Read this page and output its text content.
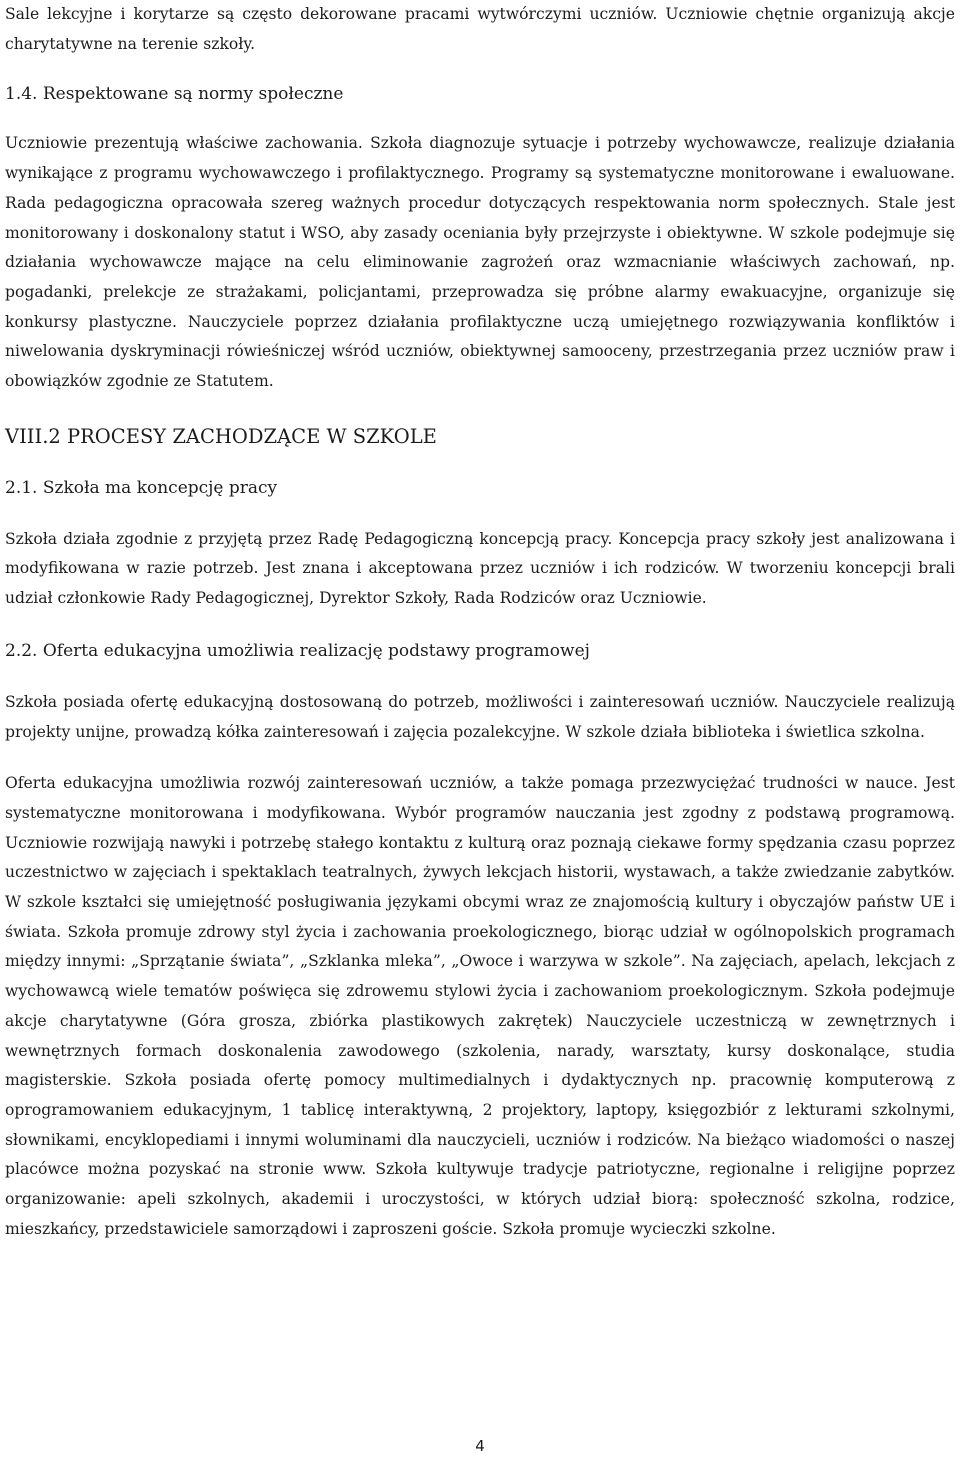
Sale lekcyjne i korytarze są często dekorowane pracami wytwórczymi uczniów. Uczniowie chętnie organizują akcje charytatywne na terenie szkoły.

1.4. Respektowane są normy społeczne

Uczniowie prezentują właściwe zachowania. Szkoła diagnozuje sytuacje i potrzeby wychowawcze, realizuje działania wynikające z programu wychowawczego i profilaktycznego. Programy są systematyczne monitorowane i ewaluowane. Rada pedagogiczna opracowała szereg ważnych procedur dotyczących respektowania norm społecznych. Stale jest monitorowany i doskonalony statut i WSO, aby zasady oceniania były przejrzyste i obiektywne. W szkole podejmuje się działania wychowawcze mające na celu eliminowanie zagrożeń oraz wzmacnianie właściwych zachowań, np. pogadanki, prelekcje ze strażakami, policjantami, przeprowadza się próbne alarmy ewakuacyjne, organizuje się konkursy plastyczne. Nauczyciele poprzez działania profilaktyczne uczą umiejętnego rozwiązywania konfliktów i niwelowania dyskryminacji rówieśniczej wśród uczniów, obiektywnej samooceny, przestrzegania przez uczniów praw i obowiązków zgodnie ze Statutem.

VIII.2 PROCESY ZACHODZĄCE W SZKOLE
2.1. Szkoła ma koncepcję pracy

Szkoła działa zgodnie z przyjętą przez Radę Pedagogiczną koncepcją pracy. Koncepcja pracy szkoły jest analizowana i modyfikowana w razie potrzeb. Jest znana i akceptowana przez uczniów i ich rodziców. W tworzeniu koncepcji brali udział członkowie Rady Pedagogicznej, Dyrektor Szkoły, Rada Rodziców oraz Uczniowie.

2.2. Oferta edukacyjna umożliwia realizację podstawy programowej

Szkoła posiada ofertę edukacyjną dostosowaną do potrzeb, możliwości i zainteresowań uczniów. Nauczyciele realizują projekty unijne, prowadzą kółka zainteresowań i zajęcia pozalekcyjne. W szkole działa biblioteka i świetlica szkolna.

Oferta edukacyjna umożliwia rozwój zainteresowań uczniów, a także pomaga przezwyciężać trudności w nauce. Jest systematyczne monitorowana i modyfikowana. Wybór programów nauczania jest zgodny z podstawą programową. Uczniowie rozwijają nawyki i potrzebę stałego kontaktu z kulturą oraz poznają ciekawe formy spędzania czasu poprzez uczestnictwo w zajęciach i spektaklach teatralnych, żywych lekcjach historii, wystawach, a także zwiedzanie zabytków. W szkole kształci się umiejętność posługiwania językami obcymi wraz ze znajomością kultury i obyczajów państw UE i świata. Szkoła promuje zdrowy styl życia i zachowania proekologicznego, biorąc udział w ogólnopolskich programach między innymi: „Sprzątanie świata”, „Szklanka mleka”, „Owoce i warzywa w szkole”. Na zajęciach, apelach, lekcjach z wychowawcą wiele tematów poświęca się zdrowemu stylowi życia i zachowaniom proekologicznym. Szkoła podejmuje akcje charytatywne (Góra grosza, zbiórka plastikowych zakrętek) Nauczyciele uczestniczą w zewnętrznych i wewnętrznych formach doskonalenia zawodowego (szkolenia, narady, warsztaty, kursy doskonalące, studia magisterskie. Szkoła posiada ofertę pomocy multimedialnych i dydaktycznych np. pracownię komputerową z oprogramowaniem edukacyjnym, 1 tablicę interaktywną, 2 projektory, laptopy, księgozbiór z lekturami szkolnymi, słownikami, encyklopediami i innymi woluminami dla nauczycieli, uczniów i rodziców. Na bieżąco wiadomości o naszej placówce można pozyskać na stronie www. Szkoła kultywuje tradycje patriotyczne, regionalne i religijne poprzez organizowanie: apeli szkolnych, akademii i uroczystości, w których udział biorą: społeczność szkolna, rodzice, mieszkańcy, przedstawiciele samorządowi i zaproszeni goście. Szkoła promuje wycieczki szkolne.

4
